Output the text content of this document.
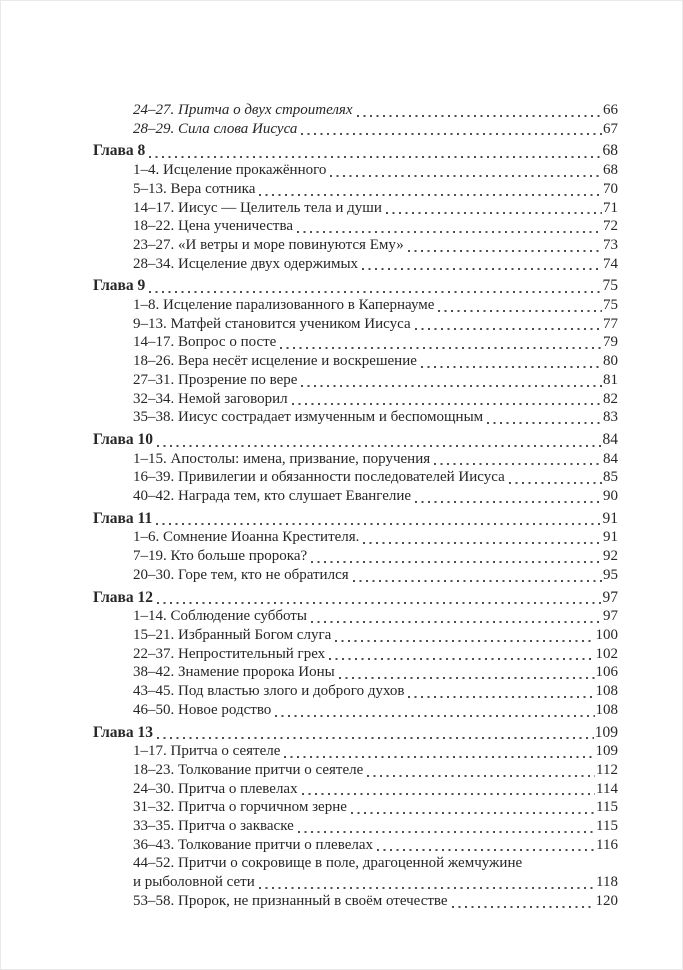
24–27. Притча о двух строителях	66
28–29. Сила слова Иисуса	67
Глава 8	68
1–4. Исцеление прокажённого	68
5–13. Вера сотника	70
14–17. Иисус — Целитель тела и души	71
18–22. Цена ученичества	72
23–27. «И ветры и море повинуются Ему»	73
28–34. Исцеление двух одержимых	74
Глава 9	75
1–8. Исцеление парализованного в Капернауме	75
9–13. Матфей становится учеником Иисуса	77
14–17. Вопрос о посте	79
18–26. Вера несёт исцеление и воскрешение	80
27–31. Прозрение по вере	81
32–34. Немой заговорил	82
35–38. Иисус сострадает измученным и беспомощным	83
Глава 10	84
1–15. Апостолы: имена, призвание, поручения	84
16–39. Привилегии и обязанности последователей Иисуса	85
40–42. Награда тем, кто слушает Евангелие	90
Глава 11	91
1–6. Сомнение Иоанна Крестителя.	91
7–19. Кто больше пророка?	92
20–30. Горе тем, кто не обратился	95
Глава 12	97
1–14. Соблюдение субботы	97
15–21. Избранный Богом слуга	100
22–37. Непростительный грех	102
38–42. Знамение пророка Ионы	106
43–45. Под властью злого и доброго духов	108
46–50. Новое родство	108
Глава 13	109
1–17. Притча о сеятеле	109
18–23. Толкование притчи о сеятеле	112
24–30. Притча о плевелах	114
31–32. Притча о горчичном зерне	115
33–35. Притча о закваске	115
36–43. Толкование притчи о плевелах	116
44–52. Притчи о сокровище в поле, драгоценной жемчужине
и рыболовной сети	118
53–58. Пророк, не признанный в своём отечестве	120
